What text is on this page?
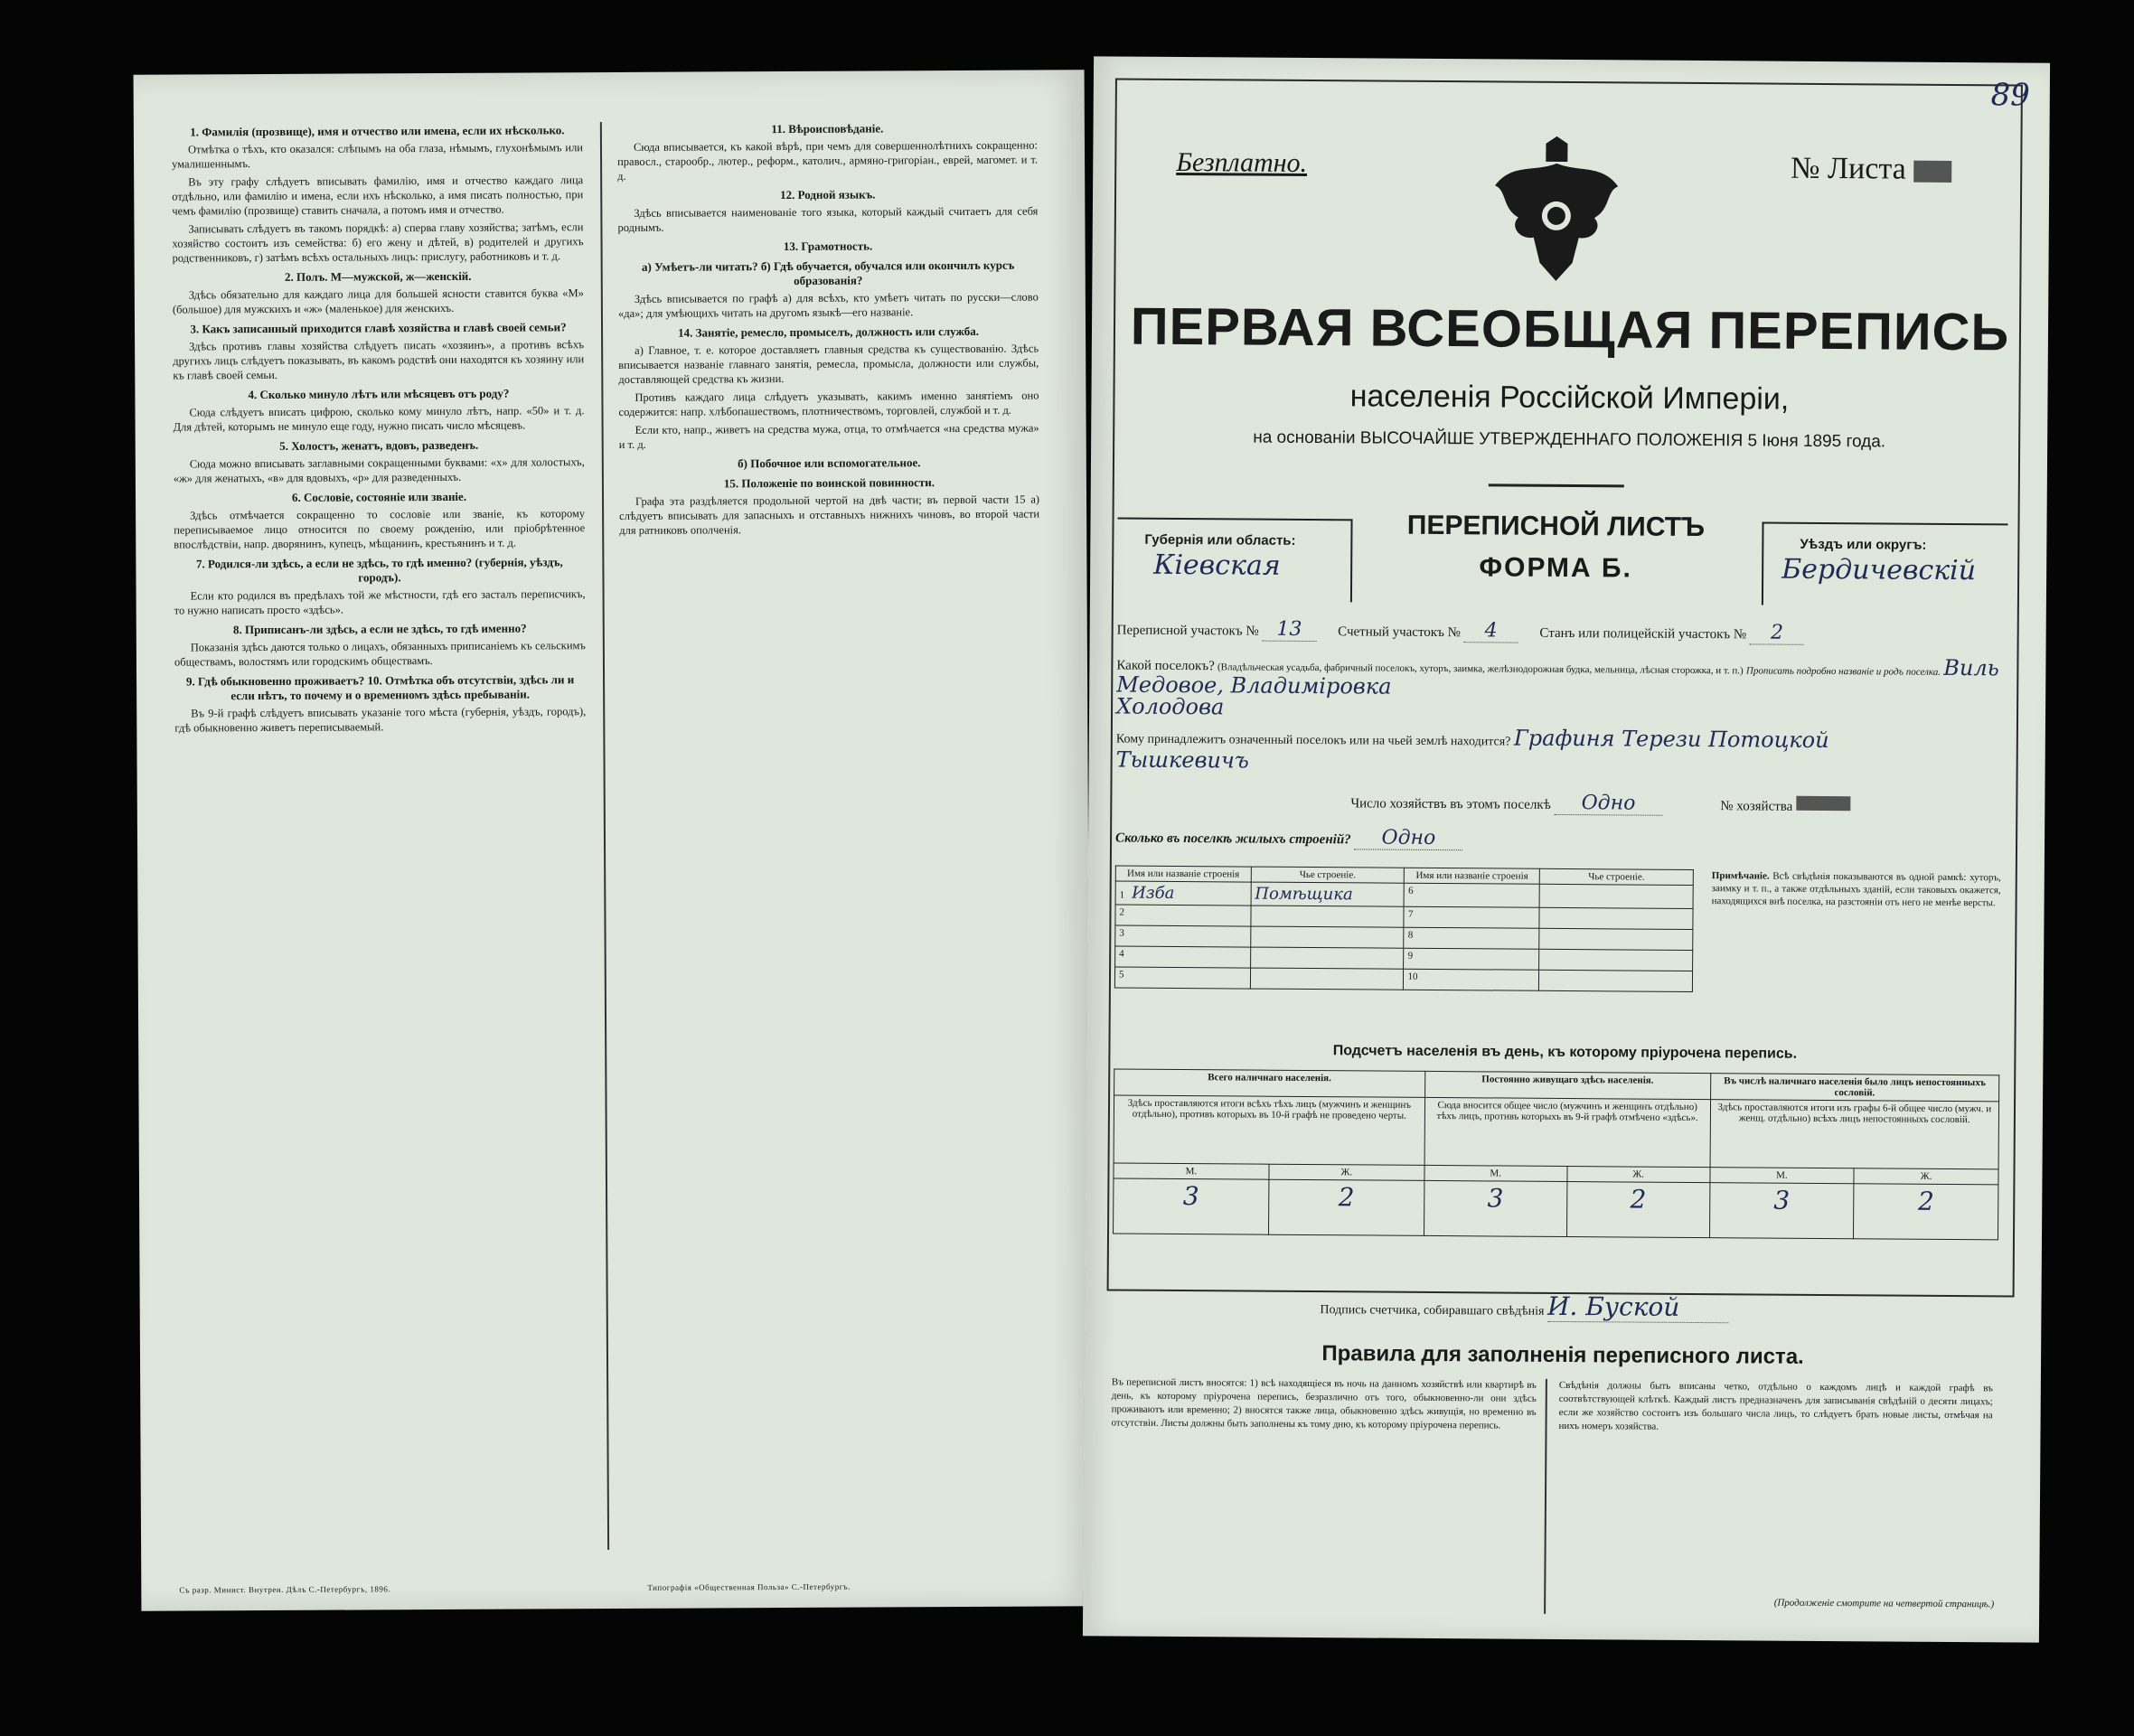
1. Фамилія (прозвище), имя и отчество или имена, если их нѣсколько.

Отмѣтка о тѣхъ, кто оказался: слѣпымъ на оба глаза, нѣмымъ, глухонѣмымъ или умалишеннымъ.

Въ эту графу слѣдуетъ вписывать фамилію, имя и отчество каждаго лица отдѣльно, или фамилію и имена, если ихъ нѣсколько, а имя писать полностью, при чемъ фамилію (прозвище) ставить сначала, а потомъ имя и отчество.

Записывать слѣдуетъ въ такомъ порядкѣ: а) сперва главу хозяйства; затѣмъ, если хозяйство состоитъ изъ семейства: б) его жену и дѣтей, в) родителей и другихъ родственниковъ, г) затѣмъ всѣхъ остальныхъ лицъ: прислугу, работниковъ и т. д.

2. Полъ. М—мужской, ж—женскій.

Здѣсь обязательно для каждаго лица для большей ясности ставится буква «М» (большое) для мужскихъ и «ж» (маленькое) для женскихъ.

3. Какъ записанный приходится главѣ хозяйства и главѣ своей семьи?

Здѣсь противъ главы хозяйства слѣдуетъ писать «хозяинъ», а противъ всѣхъ другихъ лицъ слѣдуетъ показывать, въ какомъ родствѣ они находятся къ хозяину или къ главѣ своей семьи.

4. Сколько минуло лѣтъ или мѣсяцевъ отъ роду?

Сюда слѣдуетъ вписать цифрою, сколько кому минуло лѣтъ, напр. «50» и т. д. Для дѣтей, которымъ не минуло еще году, нужно писать число мѣсяцевъ.

5. Холостъ, женатъ, вдовъ, разведенъ.

Сюда можно вписывать заглавными сокращенными буквами: «х» для холостыхъ, «ж» для женатыхъ, «в» для вдовыхъ, «р» для разведенныхъ.

6. Сословіе, состояніе или званіе.

Здѣсь отмѣчается сокращенно то сословіе или званіе, къ которому переписываемое лицо относится по своему рожденію, или пріобрѣтенное впослѣдствіи, напр. дворянинъ, купецъ, мѣщанинъ, крестьянинъ и т. д.

7. Родился-ли здѣсь, а если не здѣсь, то гдѣ именно? (губернія, уѣздъ, городъ).

Если кто родился въ предѣлахъ той же мѣстности, гдѣ его засталъ переписчикъ, то нужно написать просто «здѣсь».

8. Приписанъ-ли здѣсь, а если не здѣсь, то гдѣ именно?

Показанія здѣсь даются только о лицахъ, обязанныхъ приписаніемъ къ сельскимъ обществамъ, волостямъ или городскимъ обществамъ.

9. Гдѣ обыкновенно проживаетъ? 10. Отмѣтка объ отсутствіи, здѣсь ли и если нѣтъ, то почему и о временномъ здѣсь пребываніи.

Въ 9-й графѣ слѣдуетъ вписывать указаніе того мѣста (губернія, уѣздъ, городъ), гдѣ обыкновенно живетъ переписываемый.

11. Вѣроисповѣданіе.

Сюда вписывается, къ какой вѣрѣ, при чемъ для совершеннолѣтнихъ сокращенно: правосл., старообр., лютер., реформ., католич., армяно-григоріан., еврей, магомет. и т. д.

12. Родной языкъ.

Здѣсь вписывается наименованіе того языка, который каждый считаетъ для себя роднымъ.

13. Грамотность.
а) Умѣетъ-ли читать? б) Гдѣ обучается, обучался или окончилъ курсъ образованія?

Здѣсь вписывается по графѣ а) для всѣхъ, кто умѣетъ читать по русски—слово «да»; для умѣющихъ читать на другомъ языкѣ—его названіе.

14. Занятіе, ремесло, промыселъ, должность или служба.

а) Главное, т. е. которое доставляетъ главныя средства къ существованію. Здѣсь вписывается названіе главнаго занятія, ремесла, промысла, должности или службы, доставляющей средства къ жизни.

Противъ каждаго лица слѣдуетъ указывать, какимъ именно занятіемъ оно содержится: напр. хлѣбопашествомъ, плотничествомъ, торговлей, службой и т. д.

Если кто, напр., живетъ на средства мужа, отца, то отмѣчается «на средства мужа» и т. д.

б) Побочное или вспомогательное.
15. Положеніе по воинской повинности.

Графа эта раздѣляется продольной чертой на двѣ части; въ первой части 15 а) слѣдуетъ вписывать для запасныхъ и отставныхъ нижнихъ чиновъ, во второй части для ратниковъ ополченія.

Съ разр. Минист. Внутрен. Дѣлъ С.-Петербургъ, 1896.	Типографія «Общественная Польза» С.-Петербургъ.
89
Безплатно.	№ Листа
ПЕРВАЯ ВСЕОБЩАЯ ПЕРЕПИСЬ
населенія Россійской Имперіи,
на основаніи ВЫСОЧАЙШЕ УТВЕРЖДЕННАГО ПОЛОЖЕНІЯ 5 Іюня 1895 года.
Губернія или область:
Кіевская
ПЕРЕПИСНОЙ ЛИСТЪ
ФОРМА Б.
Уѣздъ или округъ:
Бердичевскій
Переписной участокъ № 13	Счетный участокъ № 4	Станъ или полицейскій участокъ № 2
Какой поселокъ? (Владѣльческая усадьба, фабричный поселокъ, хуторъ, заимка, желѣзнодорожная будка, мельница, лѣсная сторожка, и т. п.) Прописать подробно названіе и родъ поселка. Виль Медовое, Владиміровка
Холодова
Кому принадлежитъ означенный поселокъ или на чьей землѣ находится? Графиня Терези Потоцкой
Тышкевичъ
Число хозяйствъ въ этомъ поселкѣ Одно	№ хозяйства
Сколько въ поселкѣ жилыхъ строеній? Одно
Имя или названіе строенія	Чье строеніе.	Имя или названіе строенія	Чье строеніе.
1 Изба	Помѣщика	6	
2		7	
3		8	
4		9	
5		10	
Примѣчаніе. Всѣ свѣдѣнія показываются въ одной рамкѣ: хуторъ, заимку и т. п., а также отдѣльныхъ зданій, если таковыхъ окажется, находящихся внѣ поселка, на разстояніи отъ него не менѣе версты.
Подсчетъ населенія въ день, къ которому пріурочена перепись.
Всего наличнаго населенія.		Постоянно живущаго здѣсь населенія.		Въ числѣ наличнаго населенія было лицъ непостоянныхъ сословій.	
Здѣсь проставляются итоги всѣхъ тѣхъ лицъ (мужчинъ и женщинъ отдѣльно), противъ которыхъ въ 10-й графѣ не проведено черты.		Сюда вносится общее число (мужчинъ и женщинъ отдѣльно) тѣхъ лицъ, противъ которыхъ въ 9-й графѣ отмѣчено «здѣсь».		Здѣсь проставляются итоги изъ графы 6-й общее число (мужч. и женщ. отдѣльно) всѣхъ лицъ непостоянныхъ сословій.	
М.	Ж.	М.	Ж.	М.	Ж.
3	2	3	2	3	2
Подпись счетчика, собиравшаго свѣдѣнія И. Буской
Правила для заполненія переписного листа.
Въ переписной листъ вносятся: 1) всѣ находящіеся въ ночь на данномъ хозяйствѣ или квартирѣ въ день, къ которому пріурочена перепись, безразлично отъ того, обыкновенно-ли они здѣсь проживаютъ или временно; 2) вносятся также лица, обыкновенно здѣсь живущія, но временно въ отсутствіи. Листы должны быть заполнены къ тому дню, къ которому пріурочена перепись.
Свѣдѣнія должны быть вписаны четко, отдѣльно о каждомъ лицѣ и каждой графѣ въ соотвѣтствующей клѣткѣ. Каждый листъ предназначенъ для записыванія свѣдѣній о десяти лицахъ; если же хозяйство состоитъ изъ большаго числа лицъ, то слѣдуетъ брать новые листы, отмѣчая на нихъ номеръ хозяйства.
(Продолженіе смотрите на четвертой страницѣ.)
